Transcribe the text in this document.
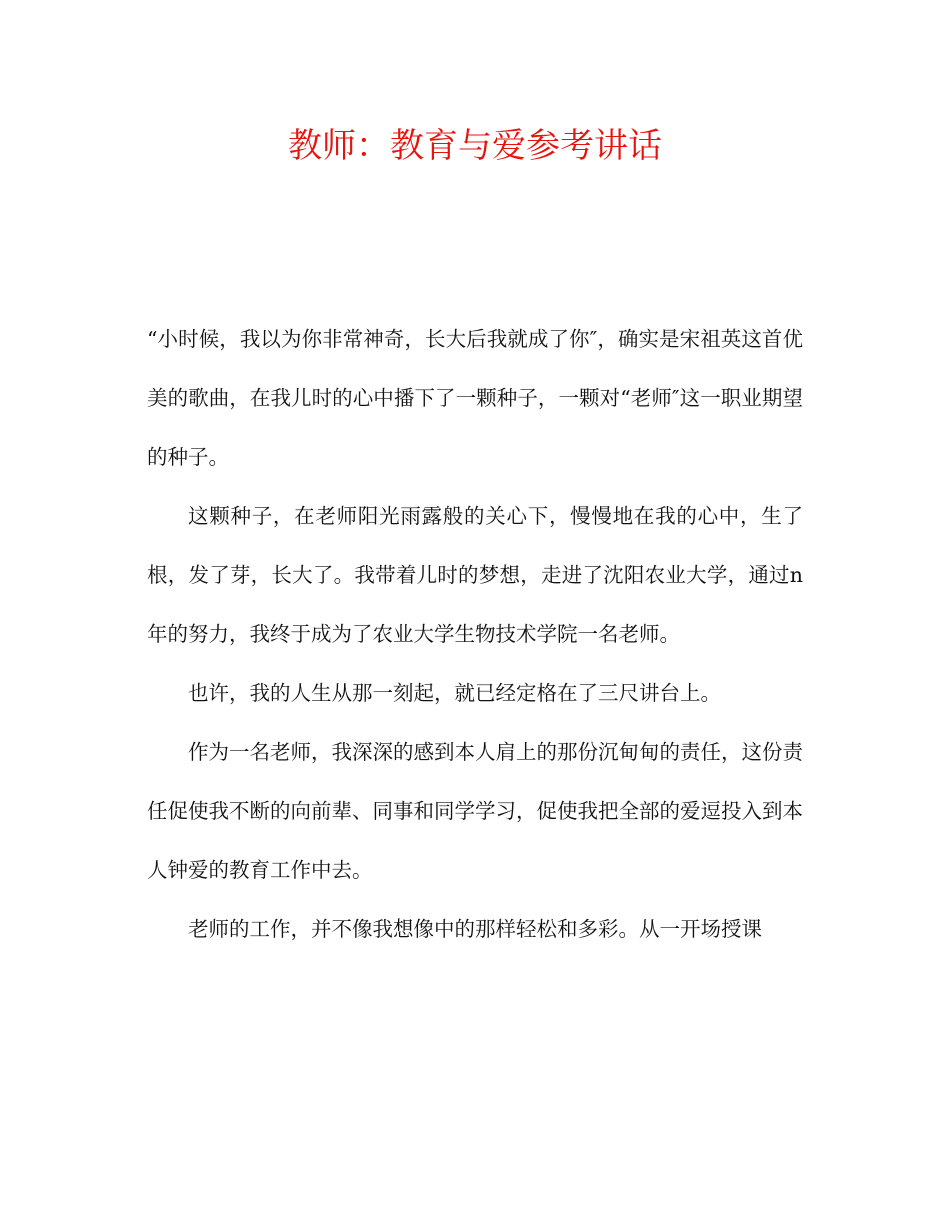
教师：教育与爱参考讲话

“小时候，我以为你非常神奇，长大后我就成了你″，确实是宋祖英这首优美的歌曲，在我儿时的心中播下了一颗种子，一颗对“老师″这一职业期望的种子。

这颗种子，在老师阳光雨露般的关心下，慢慢地在我的心中，生了根，发了芽，长大了。我带着儿时的梦想，走进了沈阳农业大学，通过n年的努力，我终于成为了农业大学生物技术学院一名老师。

也许，我的人生从那一刻起，就已经定格在了三尺讲台上。

作为一名老师，我深深的感到本人肩上的那份沉甸甸的责任，这份责任促使我不断的向前辈、同事和同学学习，促使我把全部的爱逗投入到本人钟爱的教育工作中去。

老师的工作，并不像我想像中的那样轻松和多彩。从一开场授课
